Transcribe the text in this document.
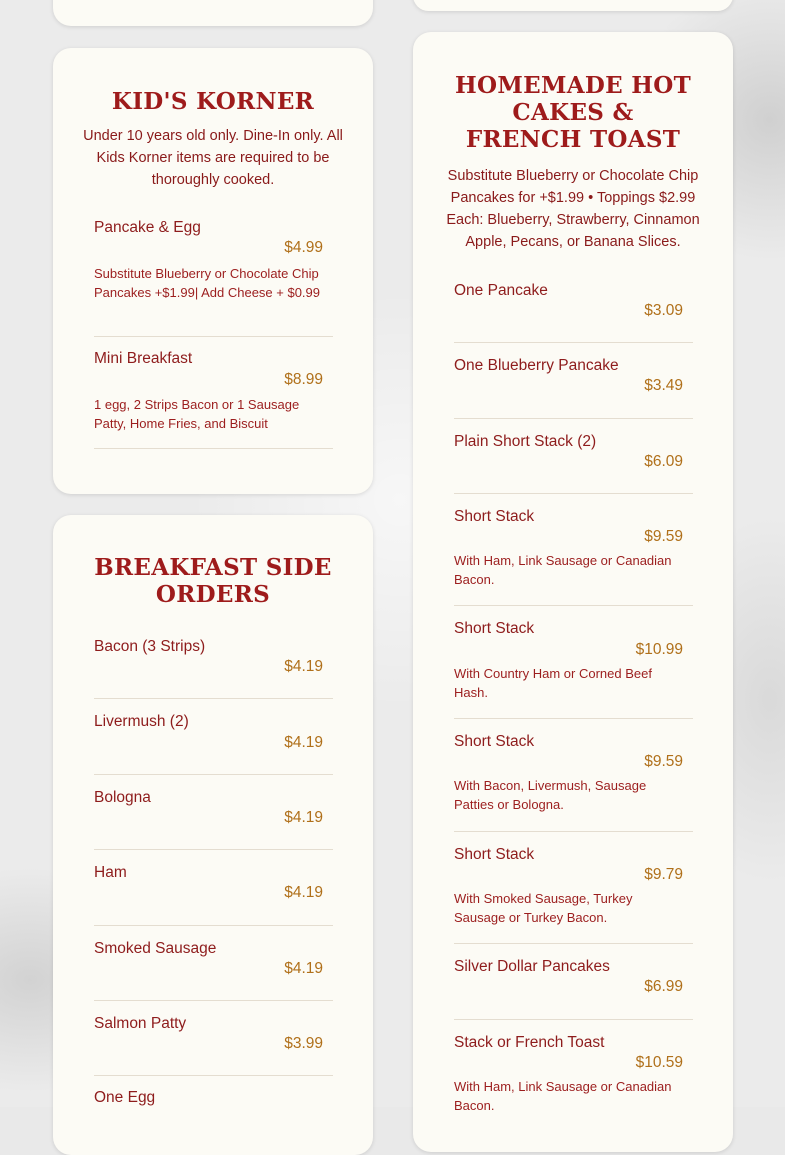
KID'S KORNER
Under 10 years old only. Dine-In only. All Kids Korner items are required to be thoroughly cooked.
Pancake & Egg
$4.99
Substitute Blueberry or Chocolate Chip Pancakes +$1.99| Add Cheese + $0.99
Mini Breakfast
$8.99
1 egg, 2 Strips Bacon or 1 Sausage Patty, Home Fries, and Biscuit
BREAKFAST SIDE ORDERS
Bacon (3 Strips)
$4.19
Livermush (2)
$4.19
Bologna
$4.19
Ham
$4.19
Smoked Sausage
$4.19
Salmon Patty
$3.99
One Egg
HOMEMADE HOT CAKES & FRENCH TOAST
Substitute Blueberry or Chocolate Chip Pancakes for +$1.99 • Toppings $2.99 Each: Blueberry, Strawberry, Cinnamon Apple, Pecans, or Banana Slices.
One Pancake
$3.09
One Blueberry Pancake
$3.49
Plain Short Stack (2)
$6.09
Short Stack
$9.59
With Ham, Link Sausage or Canadian Bacon.
Short Stack
$10.99
With Country Ham or Corned Beef Hash.
Short Stack
$9.59
With Bacon, Livermush, Sausage Patties or Bologna.
Short Stack
$9.79
With Smoked Sausage, Turkey Sausage or Turkey Bacon.
Silver Dollar Pancakes
$6.99
Stack or French Toast
$10.59
With Ham, Link Sausage or Canadian Bacon.
